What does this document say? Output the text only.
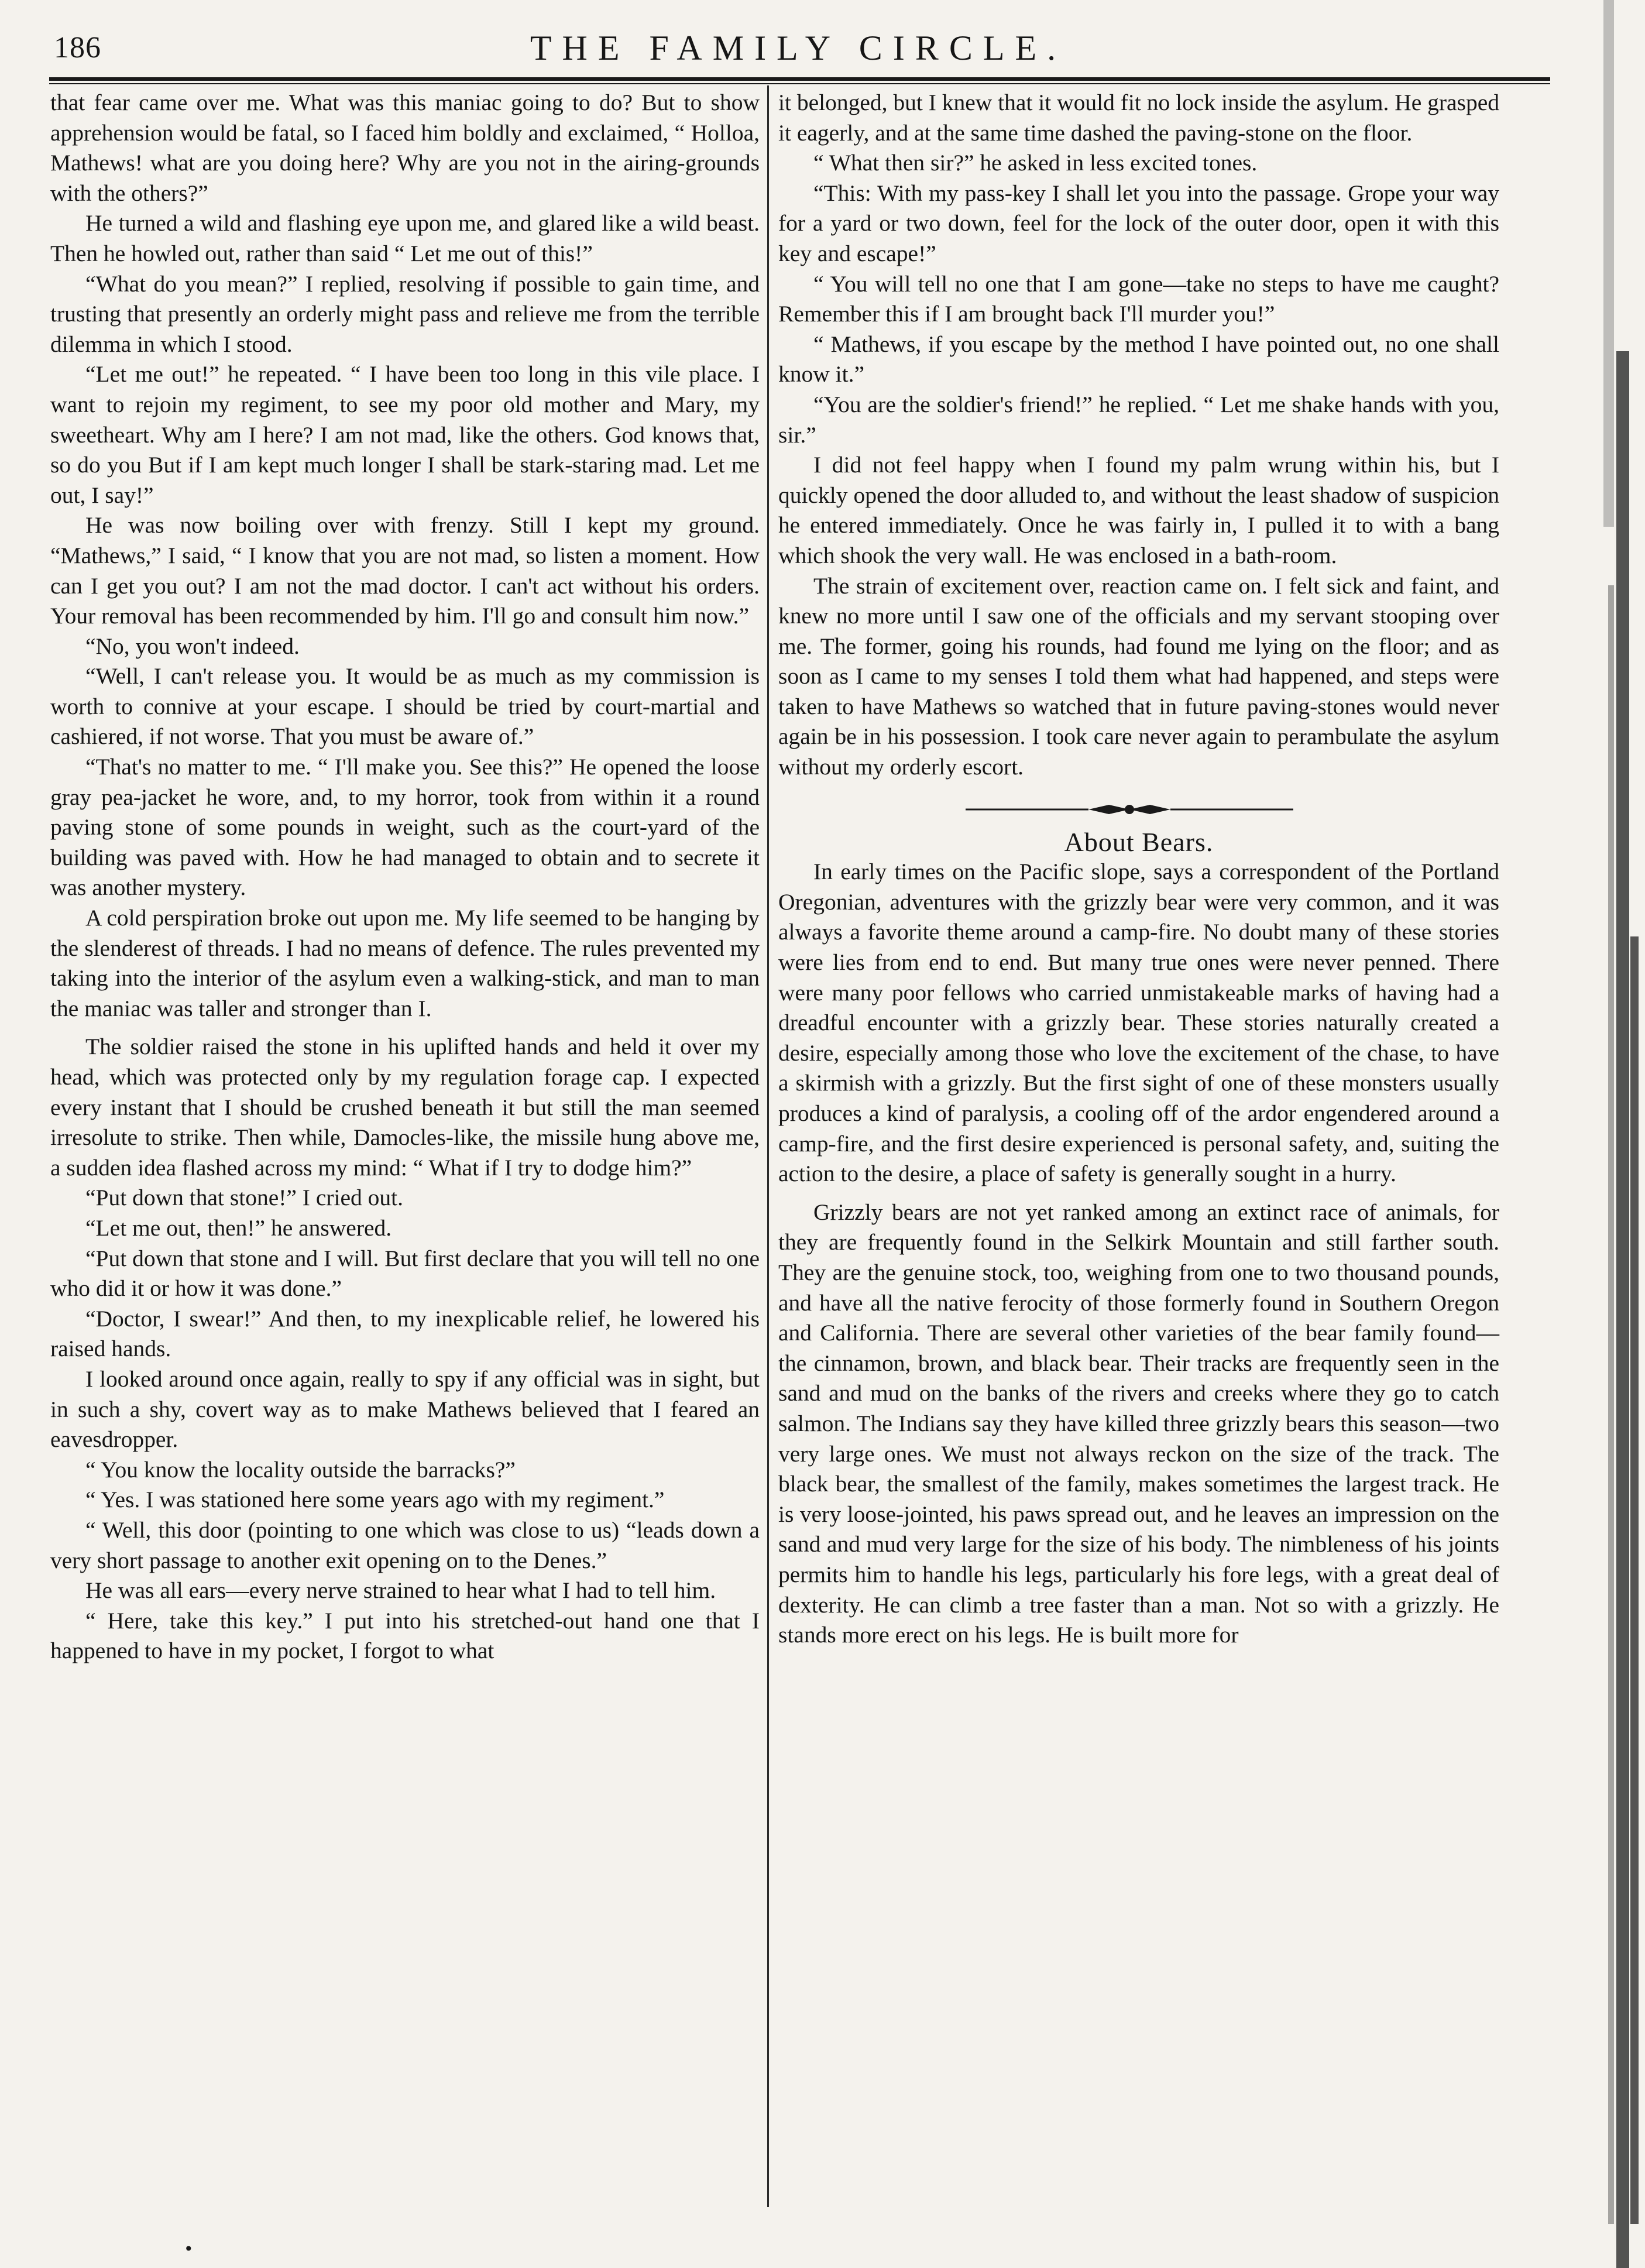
186	THE FAMILY CIRCLE.

that fear came over me. What was this maniac going to do? But to show apprehension would be fatal, so I faced him boldly and exclaimed, “ Holloa, Mathews! what are you doing here? Why are you not in the airing-grounds with the others?”

He turned a wild and flashing eye upon me, and glared like a wild beast. Then he howled out, rather than said “ Let me out of this!”

“What do you mean?” I replied, resolving if possible to gain time, and trusting that presently an orderly might pass and relieve me from the terrible dilemma in which I stood.

“Let me out!” he repeated. “ I have been too long in this vile place. I want to rejoin my regiment, to see my poor old mother and Mary, my sweetheart. Why am I here? I am not mad, like the others. God knows that, so do you But if I am kept much longer I shall be stark-staring mad. Let me out, I say!”

He was now boiling over with frenzy. Still I kept my ground. “Mathews,” I said, “ I know that you are not mad, so listen a moment. How can I get you out? I am not the mad doctor. I can't act without his orders. Your removal has been recommended by him. I'll go and consult him now.”

“No, you won't indeed.

“Well, I can't release you. It would be as much as my commission is worth to connive at your escape. I should be tried by court-martial and cashiered, if not worse. That you must be aware of.”

“That's no matter to me. “ I'll make you. See this?” He opened the loose gray pea-jacket he wore, and, to my horror, took from within it a round paving stone of some pounds in weight, such as the court-yard of the building was paved with. How he had managed to obtain and to secrete it was another mystery.

A cold perspiration broke out upon me. My life seemed to be hanging by the slenderest of threads. I had no means of defence. The rules prevented my taking into the interior of the asylum even a walking-stick, and man to man the maniac was taller and stronger than I.

The soldier raised the stone in his uplifted hands and held it over my head, which was protected only by my regulation forage cap. I expected every instant that I should be crushed beneath it but still the man seemed irresolute to strike. Then while, Damocles-like, the missile hung above me, a sudden idea flashed across my mind: “ What if I try to dodge him?”

“Put down that stone!” I cried out.

“Let me out, then!” he answered.

“Put down that stone and I will. But first declare that you will tell no one who did it or how it was done.”

“Doctor, I swear!” And then, to my inexplicable relief, he lowered his raised hands.

I looked around once again, really to spy if any official was in sight, but in such a shy, covert way as to make Mathews believed that I feared an eavesdropper.

“ You know the locality outside the barracks?”

“ Yes. I was stationed here some years ago with my regiment.”

“ Well, this door (pointing to one which was close to us) “leads down a very short passage to another exit opening on to the Denes.”

He was all ears—every nerve strained to hear what I had to tell him.

“ Here, take this key.” I put into his stretched-out hand one that I happened to have in my pocket, I forgot to what

it belonged, but I knew that it would fit no lock inside the asylum. He grasped it eagerly, and at the same time dashed the paving-stone on the floor.

“ What then sir?” he asked in less excited tones.

“This: With my pass-key I shall let you into the passage. Grope your way for a yard or two down, feel for the lock of the outer door, open it with this key and escape!”

“ You will tell no one that I am gone—take no steps to have me caught? Remember this if I am brought back I'll murder you!”

“ Mathews, if you escape by the method I have pointed out, no one shall know it.”

“You are the soldier's friend!” he replied. “ Let me shake hands with you, sir.”

I did not feel happy when I found my palm wrung within his, but I quickly opened the door alluded to, and without the least shadow of suspicion he entered immediately. Once he was fairly in, I pulled it to with a bang which shook the very wall. He was enclosed in a bath-room.

The strain of excitement over, reaction came on. I felt sick and faint, and knew no more until I saw one of the officials and my servant stooping over me. The former, going his rounds, had found me lying on the floor; and as soon as I came to my senses I told them what had happened, and steps were taken to have Mathews so watched that in future paving-stones would never again be in his possession. I took care never again to perambulate the asylum without my orderly escort.

About Bears.

In early times on the Pacific slope, says a correspondent of the Portland Oregonian, adventures with the grizzly bear were very common, and it was always a favorite theme around a camp-fire. No doubt many of these stories were lies from end to end. But many true ones were never penned. There were many poor fellows who carried unmistakeable marks of having had a dreadful encounter with a grizzly bear. These stories naturally created a desire, especially among those who love the excitement of the chase, to have a skirmish with a grizzly. But the first sight of one of these monsters usually produces a kind of paralysis, a cooling off of the ardor engendered around a camp-fire, and the first desire experienced is personal safety, and, suiting the action to the desire, a place of safety is generally sought in a hurry.

Grizzly bears are not yet ranked among an extinct race of animals, for they are frequently found in the Selkirk Mountain and still farther south. They are the genuine stock, too, weighing from one to two thousand pounds, and have all the native ferocity of those formerly found in Southern Oregon and California. There are several other varieties of the bear family found—the cinnamon, brown, and black bear. Their tracks are frequently seen in the sand and mud on the banks of the rivers and creeks where they go to catch salmon. The Indians say they have killed three grizzly bears this season—two very large ones. We must not always reckon on the size of the track. The black bear, the smallest of the family, makes sometimes the largest track. He is very loose-jointed, his paws spread out, and he leaves an impression on the sand and mud very large for the size of his body. The nimbleness of his joints permits him to handle his legs, particularly his fore legs, with a great deal of dexterity. He can climb a tree faster than a man. Not so with a grizzly. He stands more erect on his legs. He is built more for

•
